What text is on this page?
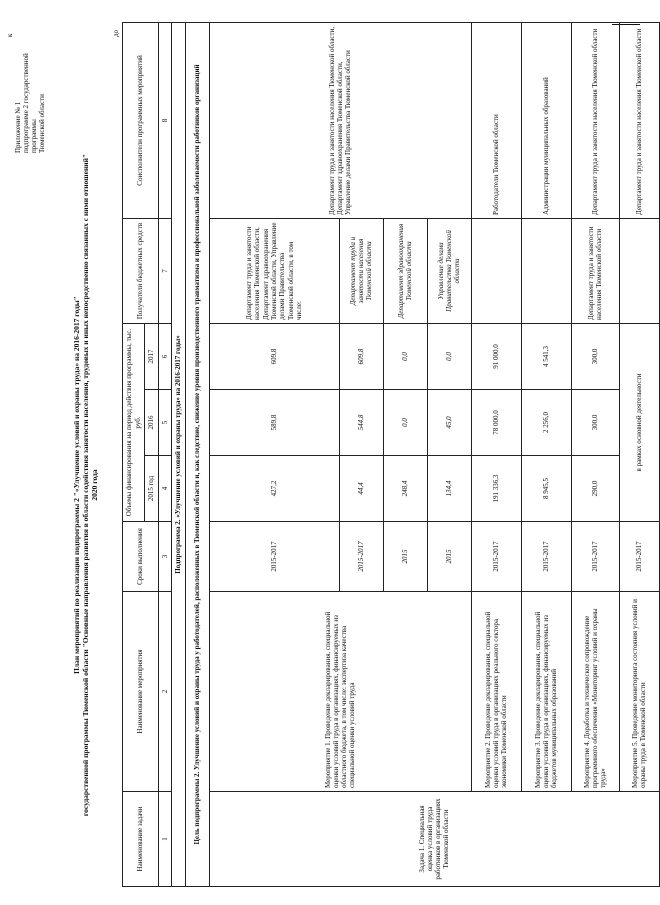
к	до
Приложение № 1 подпрограмме 2 государственной программы Тюменской области
План мероприятий по реализации подпрограммы 2 "«Улучшение условий и охраны труда» на 2016-2017 годы" государственной программы Тюменской области "Основные направления развития в области содействия занятости населения, трудовых и иных непосредственно связанных с ними отношений" 2020 года
Наименование задачи	Наименование мероприятия	Сроки выполнения	Объемы финансирования на период действия программы, тыс. руб.			Получатели бюджетных средств	Соисполнители программных мероприятий
			2015 год	2016	2017		
1	2	3	4	5	6	7	8
Подпрограмма 2. «Улучшение условий и охраны труда» на 2016-2017 годы»							
Цель подпрограммы 2. Улучшение условий и охраны труда у работодателей, расположенных в Тюменской области и, как следствие, снижение уровня производственного травматизма и профессиональной заболеваемости работников организаций							
Задача 1. Специальная оценка условий труда работников в организациях Тюменской области	Мероприятие 1. Проведение декларирования, специальной оценки условий труда в организациях, финансируемых из областного бюджета, в том числе: экспертиза качества специальной оценки условий труда	2015-2017	427,2	589,8	609,8	Департамент труда и занятости населения Тюменской области, Департамент здравоохранения Тюменской области, Управление делами Правительства Тюменской области, в том числе:	Департамент труда и занятости населения Тюменской области, Департамент здравоохранения Тюменской области, Управление делами Правительства Тюменской области
		2015-2017	44,4	544,8	609,8	Департамент труда и занятости населения Тюменской области	
		2015	248,4	0,0	0,0	Департамент здравоохранения Тюменской области	
		2015	134,4	45,0	0,0	Управление делами Правительства Тюменской области	
	Мероприятие 2. Проведение декларирования, специальной оценки условий труда в организациях реального сектора экономики Тюменской области	2015-2017	191 336,3	78 000,0	91 000,0		Работодатели Тюменской области
	Мероприятие 3. Проведение декларирования, специальной оценки условий труда в организациях, финансируемых из бюджетов муниципальных образований	2015-2017	8 945,5	2 256,0	4 541,3		Администрации муниципальных образований
	Мероприятие 4. Доработка и техническое сопровождение программного обеспечения «Мониторинг условий и охраны труда»	2015-2017	290,0	300,0	300,0	Департамент труда и занятости населения Тюменской области	Департамент труда и занятости населения Тюменской области
	Мероприятие 5. Проведение мониторинга состояния условий и охраны труда в Тюменской области	2015-2017	в рамках основной деятельности				Департамент труда и занятости населения Тюменской области
